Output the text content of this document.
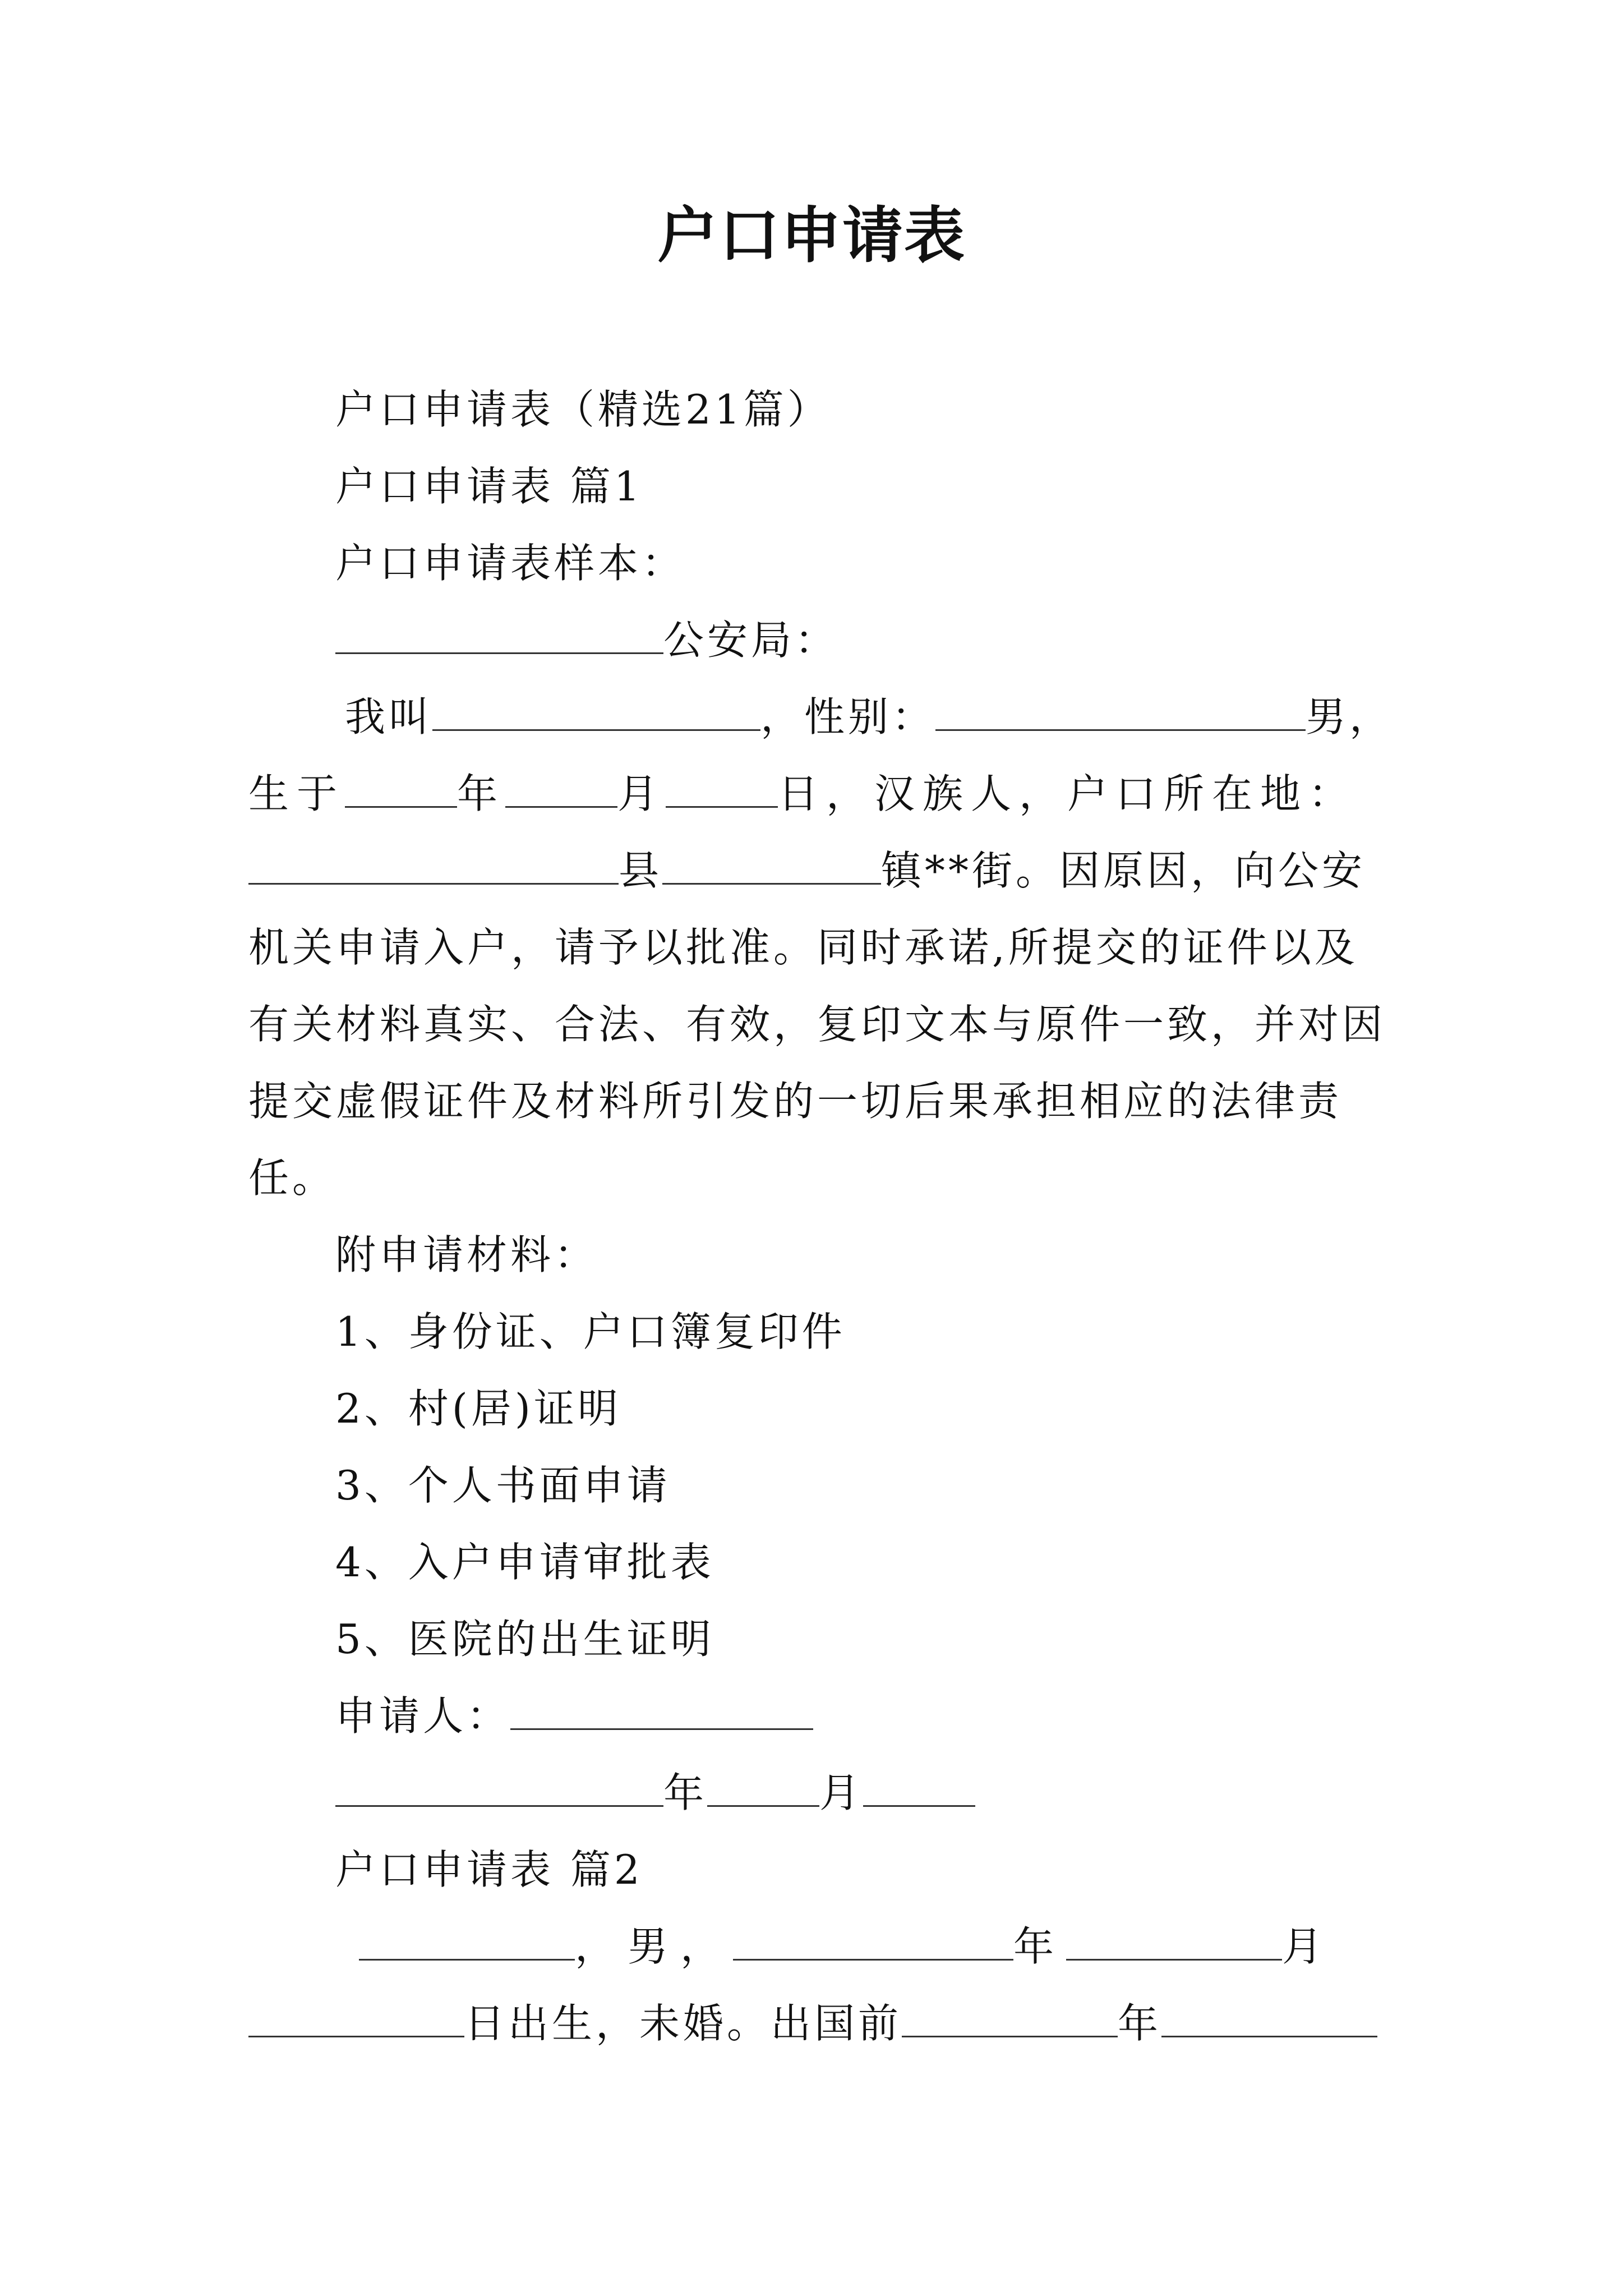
户口申请表
户口申请表（精选21篇）
户口申请表 篇1
户口申请表样本：
公安局：
我叫	，性别：	男，
生于	年	月	日，汉族人，户口所在地：
县	镇**街。因原因，向公安
机关申请入户，请予以批准。同时承诺,所提交的证件以及
有关材料真实、合法、有效，复印文本与原件一致，并对因
提交虚假证件及材料所引发的一切后果承担相应的法律责
任。
附申请材料：
1、身份证、户口簿复印件
2、村(居)证明
3、个人书面申请
4、入户申请审批表
5、医院的出生证明
申请人：
年	月
户口申请表 篇2
，男，	年	月
日出生，未婚。出国前	年
